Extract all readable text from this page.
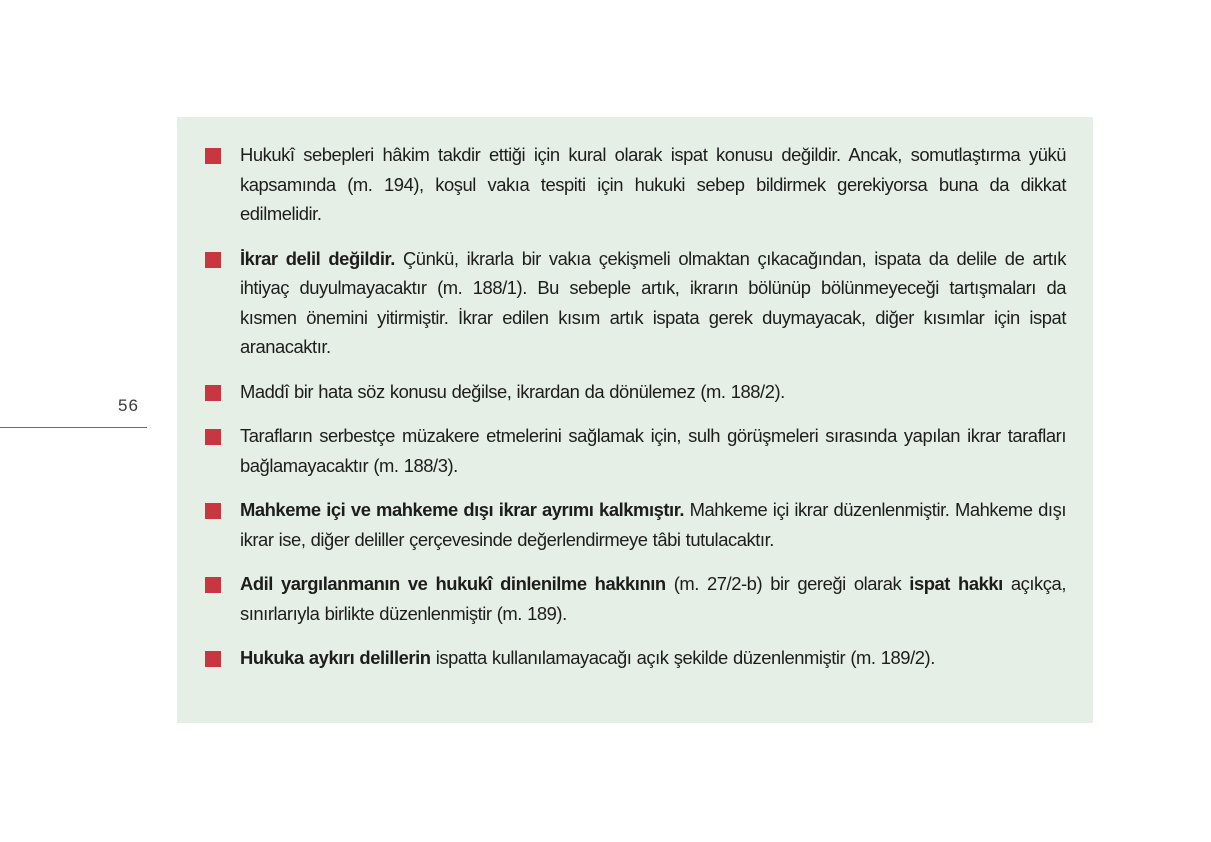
56
Hukukî sebepleri hâkim takdir ettiği için kural olarak ispat konusu değildir. Ancak, somutlaştırma yükü kapsamında (m. 194), koşul vakıa tespiti için hukuki sebep bildirmek gerekiyorsa buna da dikkat edilmelidir.
İkrar delil değildir. Çünkü, ikrarla bir vakıa çekişmeli olmaktan çıkacağından, ispata da delile de artık ihtiyaç duyulmayacaktır (m. 188/1). Bu sebeple artık, ikrarın bölünüp bölünmeyeceği tartışmaları da kısmen önemini yitirmiştir. İkrar edilen kısım artık ispata gerek duymayacak, diğer kısımlar için ispat aranacaktır.
Maddî bir hata söz konusu değilse, ikrardan da dönülemez (m. 188/2).
Tarafların serbestçe müzakere etmelerini sağlamak için, sulh görüşmeleri sırasında yapılan ikrar tarafları bağlamayacaktır (m. 188/3).
Mahkeme içi ve mahkeme dışı ikrar ayrımı kalkmıştır. Mahkeme içi ikrar düzenlenmiştir. Mahkeme dışı ikrar ise, diğer deliller çerçevesinde değerlendirmeye tâbi tutulacaktır.
Adil yargılanmanın ve hukukî dinlenilme hakkının (m. 27/2-b) bir gereği olarak ispat hakkı açıkça, sınırlarıyla birlikte düzenlenmiştir (m. 189).
Hukuka aykırı delillerin ispatta kullanılamayacağı açık şekilde düzenlenmiştir (m. 189/2).
